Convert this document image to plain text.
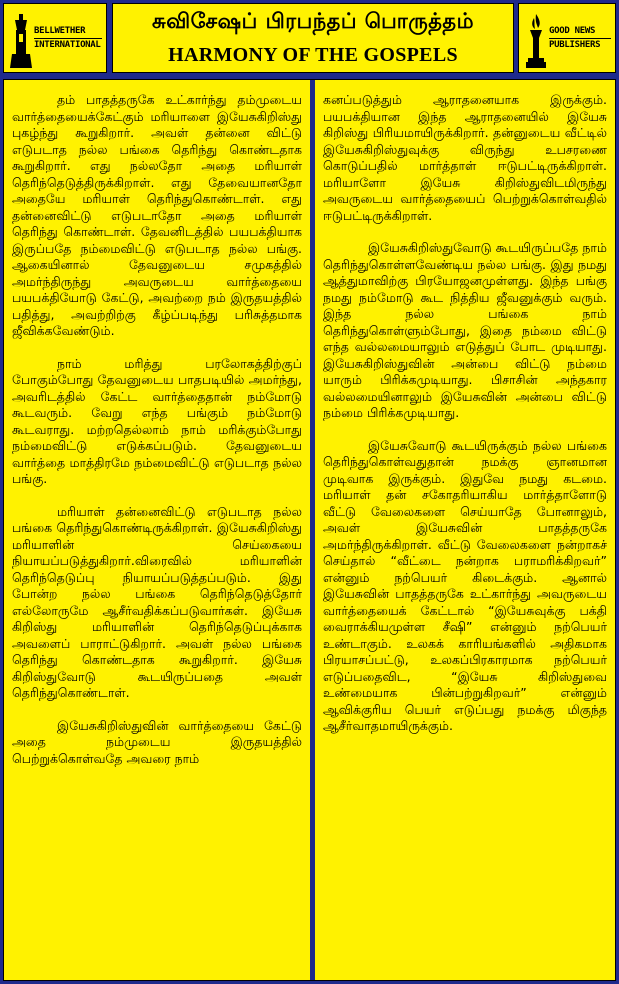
BELLWETHER
INTERNATIONAL
சுவிசேஷப் பிரபந்தப் பொருத்தம்
HARMONY OF THE GOSPELS
GOOD NEWS
PUBLISHERS

தம் பாதத்தருகே உட்கார்ந்து தம்முடைய வார்த்தையைக்கேட்கும் மரியாளை இயேசுகிறிஸ்து புகழ்ந்து கூறுகிறார். அவள் தன்னை விட்டு எடுபடாத நல்ல பங்கை தெரிந்து கொண்டதாக கூறுகிறார். எது நல்லதோ அதை மரியாள் தெரிந்தெடுத்திருக்கிறாள். எது தேவையானதோ அதையே மரியாள் தெரிந்துகொண்டாள். எது தன்னைவிட்டு எடுபடாதோ அதை மரியாள் தெரிந்து கொண்டாள். தேவனிடத்தில் பயபக்தியாக இருப்பதே நம்மைவிட்டு எடுபடாத நல்ல பங்கு. ஆகையினால் தேவனுடைய சமுகத்தில் அமர்ந்திருந்து அவருடைய வார்த்தையை பயபக்தியோடு கேட்டு, அவற்றை நம் இருதயத்தில் பதித்து, அவற்றிற்கு கீழ்ப்படிந்து பரிசுத்தமாக ஜீவிக்கவேண்டும்.

நாம் மரித்து பரலோகத்திற்குப் போகும்போது தேவனுடைய பாதபடியில் அமர்ந்து, அவரிடத்தில் கேட்ட வார்த்தைதான் நம்மோடு கூடவரும். வேறு எந்த பங்கும் நம்மோடு கூடவராது. மற்றதெல்லாம் நாம் மரிக்கும்போது நம்மைவிட்டு எடுக்கப்படும். தேவனுடைய வார்த்தை மாத்திரமே நம்மைவிட்டு எடுபடாத நல்ல பங்கு.

மரியாள் தன்னைவிட்டு எடுபடாத நல்ல பங்கை தெரிந்துகொண்டிருக்கிறாள். இயேசுகிறிஸ்து மரியாளின் செய்கையை நியாயப்படுத்துகிறார்.விரைவில் மரியாளின் தெரிந்தெடுப்பு நியாயப்படுத்தப்படும். இது போன்ற நல்ல பங்கை தெரிந்தெடுத்தோர் எல்லோருமே ஆசீர்வதிக்கப்படுவார்கள். இயேசு கிறிஸ்து மரியாளின் தெரிந்தெடுப்புக்காக அவளைப் பாராட்டுகிறார். அவள் நல்ல பங்கை தெரிந்து கொண்டதாக கூறுகிறார். இயேசு கிறிஸ்துவோடு கூடயிருப்பதை அவள் தெரிந்துகொண்டாள்.

இயேசுகிறிஸ்துவின் வார்த்தையை கேட்டு அதை நம்முடைய இருதயத்தில் பெற்றுக்கொள்வதே அவரை நாம்

கனப்படுத்தும் ஆராதனையாக இருக்கும். பயபக்தியான இந்த ஆராதனையில் இயேசு கிறிஸ்து பிரியமாயிருக்கிறார். தன்னுடைய வீட்டில் இயேசுகிறிஸ்துவுக்கு விருந்து உபசரணை கொடுப்பதில் மார்த்தாள் ஈடுபட்டிருக்கிறாள். மரியாளோ இயேசு கிறிஸ்துவிடமிருந்து அவருடைய வார்த்தையைப் பெற்றுக்கொள்வதில் ஈடுபட்டிருக்கிறாள்.

இயேசுகிறிஸ்துவோடு கூடயிருப்பதே நாம் தெரிந்துகொள்ளவேண்டிய நல்ல பங்கு. இது நமது ஆத்துமாவிற்கு பிரயோஜனமுள்ளது. இந்த பங்கு நமது நம்மோடு கூட நித்திய ஜீவனுக்கும் வரும். இந்த நல்ல பங்கை நாம் தெரிந்துகொள்ளும்போது, இதை நம்மை விட்டு எந்த வல்லமையாலும் எடுத்துப் போட முடியாது. இயேசுகிறிஸ்துவின் அன்பை விட்டு நம்மை யாரும் பிரிக்கமுடியாது. பிசாசின் அந்தகார வல்லமையினாலும் இயேசுவின் அன்பை விட்டு நம்மை பிரிக்கமுடியாது.

இயேசுவோடு கூடயிருக்கும் நல்ல பங்கை தெரிந்துகொள்வதுதான் நமக்கு ஞானமான முடிவாக இருக்கும். இதுவே நமது கடமை. மரியாள் தன் சகோதரியாகிய மார்த்தாளோடு வீட்டு வேலைகளை செய்யாதே போனாலும், அவள் இயேசுவின் பாதத்தருகே அமர்ந்திருக்கிறாள். வீட்டு வேலைகளை நன்றாகச் செய்தால் “வீட்டை நன்றாக பராமரிக்கிறவர்” என்னும் நற்பெயர் கிடைக்கும். ஆனால் இயேசுவின் பாதத்தருகே உட்கார்ந்து அவருடைய வார்த்தையைக் கேட்டால் “இயேசுவுக்கு பக்தி வைராக்கியமுள்ள சீஷி” என்னும் நற்பெயர் உண்டாகும். உலகக் காரியங்களில் அதிகமாக பிரயாசப்பட்டு, உலகப்பிரகாரமாக நற்பெயர் எடுப்பதைவிட, “இயேசு கிறிஸ்துவை உண்மையாக பின்பற்றுகிறவர்” என்னும் ஆவிக்குரிய பெயர் எடுப்பது நமக்கு மிகுந்த ஆசீர்வாதமாயிருக்கும்.
